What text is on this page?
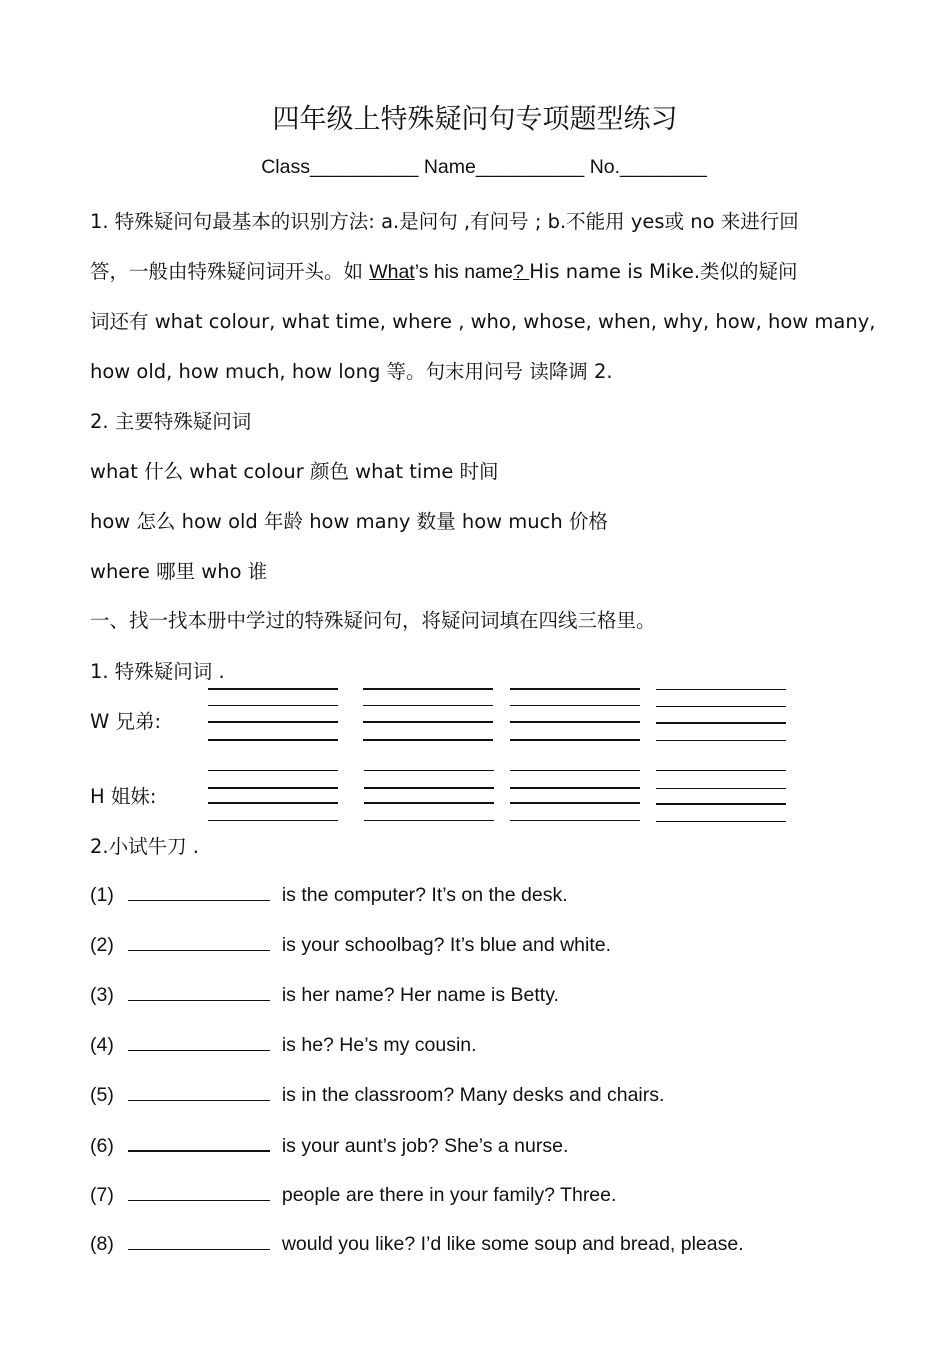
四年级上特殊疑问句专项题型练习
Class__________ Name__________ No.________
1. 特殊疑问句最基本的识别方法: a.是问句 ,有问号 ; b.不能用 yes或 no 来进行回
答，一般由特殊疑问词开头。如 What’s his name? His name is Mike.类似的疑问
词还有 what colour, what time, where , who, whose, when, why, how, how many,
how old, how much, how long 等。句末用问号 读降调 2.
2. 主要特殊疑问词
what 什么 what colour 颜色 what time 时间
how 怎么 how old 年龄 how many 数量 how much 价格
where 哪里 who 谁
一、找一找本册中学过的特殊疑问句，将疑问词填在四线三格里。
1. 特殊疑问词 .
W 兄弟:
H 姐妹:
2.小试牛刀 .
(1)	is the computer? It’s on the desk.
(2)	is your schoolbag? It’s blue and white.
(3)	is her name? Her name is Betty.
(4)	is he? He’s my cousin.
(5)	is in the classroom? Many desks and chairs.
(6)	is your aunt’s job? She’s a nurse.
(7)	people are there in your family? Three.
(8)	would you like? I’d like some soup and bread, please.
